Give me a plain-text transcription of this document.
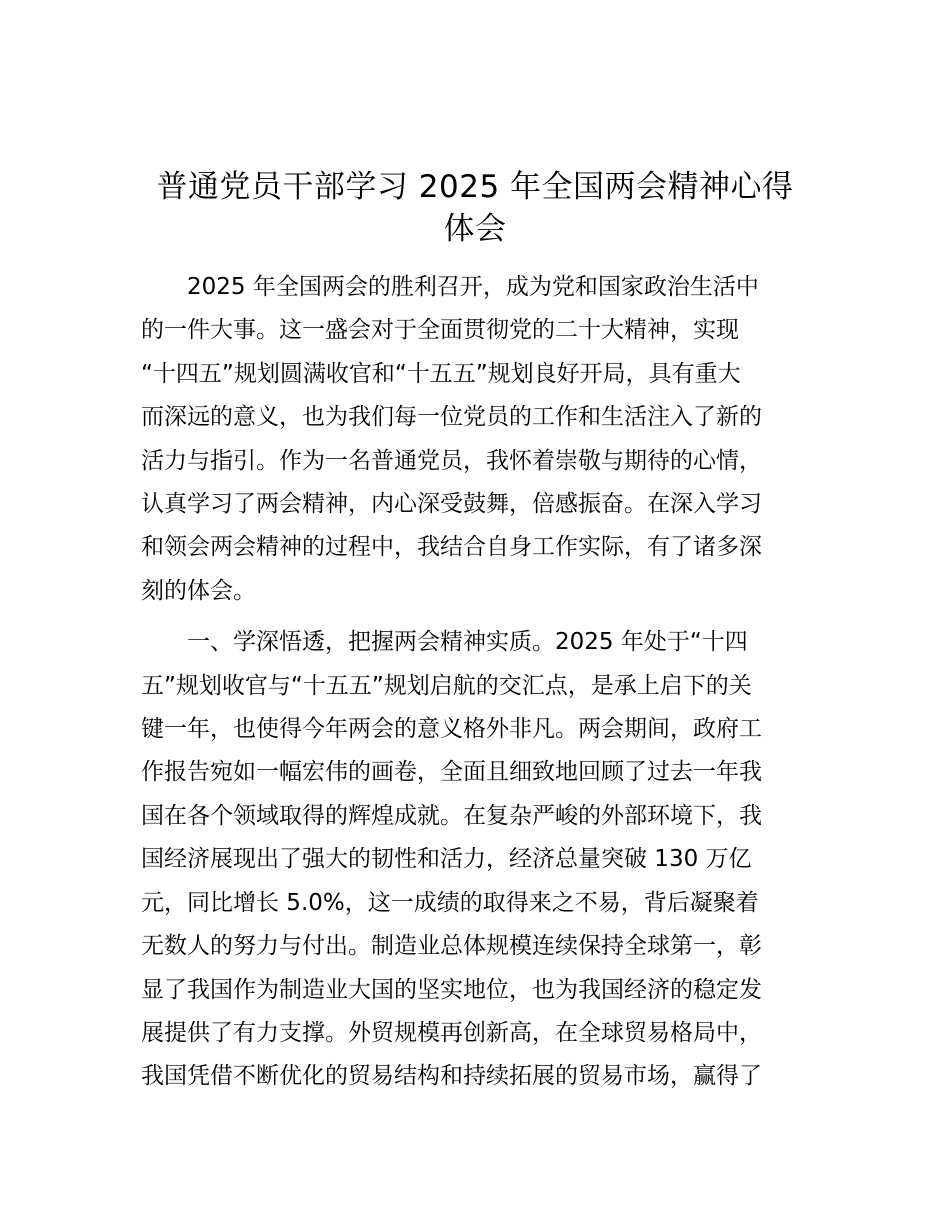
普通党员干部学习 2025 年全国两会精神心得
体会

2025 年全国两会的胜利召开，成为党和国家政治生活中
的一件大事。这一盛会对于全面贯彻党的二十大精神，实现
“十四五”规划圆满收官和“十五五”规划良好开局，具有重大
而深远的意义，也为我们每一位党员的工作和生活注入了新的
活力与指引。作为一名普通党员，我怀着崇敬与期待的心情，
认真学习了两会精神，内心深受鼓舞，倍感振奋。在深入学习
和领会两会精神的过程中，我结合自身工作实际，有了诸多深
刻的体会。

一、学深悟透，把握两会精神实质。2025 年处于“十四
五”规划收官与“十五五”规划启航的交汇点，是承上启下的关
键一年，也使得今年两会的意义格外非凡。两会期间，政府工
作报告宛如一幅宏伟的画卷，全面且细致地回顾了过去一年我
国在各个领域取得的辉煌成就。在复杂严峻的外部环境下，我
国经济展现出了强大的韧性和活力，经济总量突破 130 万亿
元，同比增长 5.0%，这一成绩的取得来之不易，背后凝聚着
无数人的努力与付出。制造业总体规模连续保持全球第一，彰
显了我国作为制造业大国的坚实地位，也为我国经济的稳定发
展提供了有力支撑。外贸规模再创新高，在全球贸易格局中，
我国凭借不断优化的贸易结构和持续拓展的贸易市场，赢得了
